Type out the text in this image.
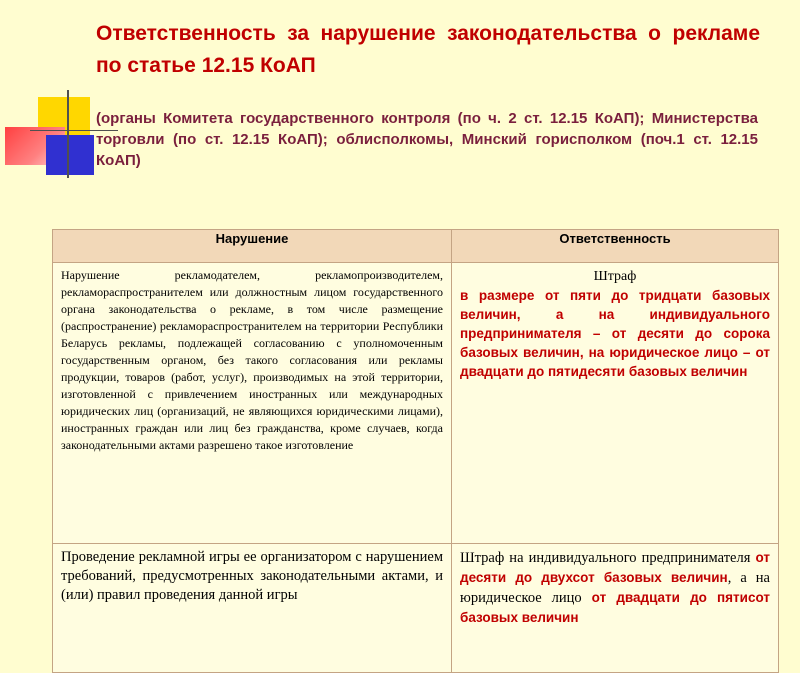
Ответственность за нарушение законодательства о рекламе по статье 12.15 КоАП

(органы Комитета государственного контроля (по ч. 2 ст. 12.15 КоАП); Министерства торговли (по ст. 12.15 КоАП); облисполкомы, Минский горисполком (поч.1 ст. 12.15 КоАП)

Нарушение	Ответственность

Нарушение рекламодателем, рекламопроизводителем, рекламораспространителем или должностным лицом государственного органа законодательства о рекламе, в том числе размещение (распространение) рекламораспространителем на территории Республики Беларусь рекламы, подлежащей согласованию с уполномоченным государственным органом, без такого согласования или рекламы продукции, товаров (работ, услуг), производимых на этой территории, изготовленной с привлечением иностранных или международных юридических лиц (организаций, не являющихся юридическими лицами), иностранных граждан или лиц без гражданства, кроме случаев, когда законодательными актами разрешено такое изготовление	Штраф
в размере от пяти до тридцати базовых величин, а на индивидуального предпринимателя – от десяти до сорока базовых величин, на юридическое лицо – от двадцати до пятидесяти базовых величин

Проведение рекламной игры ее организатором с нарушением требований, предусмотренных законодательными актами, и (или) правил проведения данной игры	Штраф на индивидуального предпринимателя от десяти до двухсот базовых величин, а на юридическое лицо от двадцати до пятисот базовых величин
